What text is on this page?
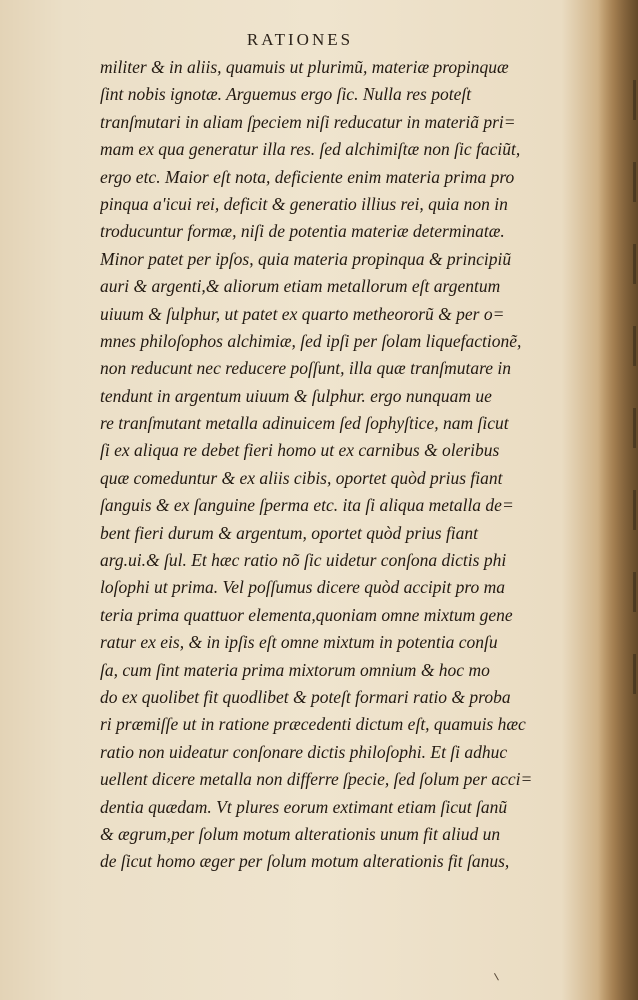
RATIONES
militer & in aliis, quamuis ut plurimũ, materiæ propinquæ
ſint nobis ignotæ. Arguemus ergo ſic. Nulla res poteſt
tranſmutari in aliam ſpeciem niſi reducatur in materiã pri=
mam ex qua generatur illa res. ſed alchimiſtæ non ſic faciũt,
ergo etc. Maior eſt nota, deficiente enim materia prima pro
pinqua a'icui rei, deficit & generatio illius rei, quia non in
troducuntur formæ, niſi de potentia materiæ determinatæ.
Minor patet per ipſos, quia materia propinqua & principiũ
auri & argenti,& aliorum etiam metallorum eſt argentum
uiuum & ſulphur, ut patet ex quarto metheororũ & per o=
mnes philoſophos alchimiæ, ſed ipſi per ſolam liquefactionẽ,
non reducunt nec reducere poſſunt, illa quæ tranſmutare in
tendunt in argentum uiuum & ſulphur. ergo nunquam ue
re tranſmutant metalla adinuicem ſed ſophyſtice, nam ſicut
ſi ex aliqua re debet fieri homo ut ex carnibus & oleribus
quæ comeduntur & ex aliis cibis, oportet quòd prius fiant
ſanguis & ex ſanguine ſperma etc. ita ſi aliqua metalla de=
bent fieri durum & argentum, oportet quòd prius fiant
arg.ui.& ſul. Et hæc ratio nõ ſic uidetur conſona dictis phi
loſophi ut prima. Vel poſſumus dicere quòd accipit pro ma
teria prima quattuor elementa,quoniam omne mixtum gene
ratur ex eis, & in ipſis eſt omne mixtum in potentia conſu
ſa, cum ſint materia prima mixtorum omnium & hoc mo
do ex quolibet fit quodlibet & poteſt formari ratio & proba
ri præmiſſe ut in ratione præcedenti dictum eſt, quamuis hæc
ratio non uideatur conſonare dictis philoſophi. Et ſi adhuc
uellent dicere metalla non differre ſpecie, ſed ſolum per acci=
dentia quædam. Vt plures eorum extimant etiam ſicut ſanũ
& ægrum,per ſolum motum alterationis unum fit aliud un
de ſicut homo æger per ſolum motum alterationis fit ſanus,
